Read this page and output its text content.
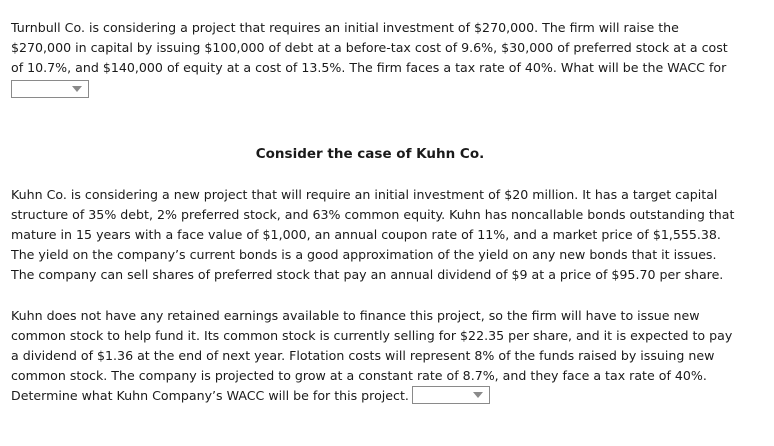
Turnbull Co. is considering a project that requires an initial investment of $270,000. The firm will raise the $270,000 in capital by issuing $100,000 of debt at a before-tax cost of 9.6%, $30,000 of preferred stock at a cost of 10.7%, and $140,000 of equity at a cost of 13.5%. The firm faces a tax rate of 40%. What will be the WACC for

Consider the case of Kuhn Co.

Kuhn Co. is considering a new project that will require an initial investment of $20 million. It has a target capital structure of 35% debt, 2% preferred stock, and 63% common equity. Kuhn has noncallable bonds outstanding that mature in 15 years with a face value of $1,000, an annual coupon rate of 11%, and a market price of $1,555.38. The yield on the company’s current bonds is a good approximation of the yield on any new bonds that it issues. The company can sell shares of preferred stock that pay an annual dividend of $9 at a price of $95.70 per share.

Kuhn does not have any retained earnings available to finance this project, so the firm will have to issue new common stock to help fund it. Its common stock is currently selling for $22.35 per share, and it is expected to pay a dividend of $1.36 at the end of next year. Flotation costs will represent 8% of the funds raised by issuing new common stock. The company is projected to grow at a constant rate of 8.7%, and they face a tax rate of 40%. Determine what Kuhn Company’s WACC will be for this project.
